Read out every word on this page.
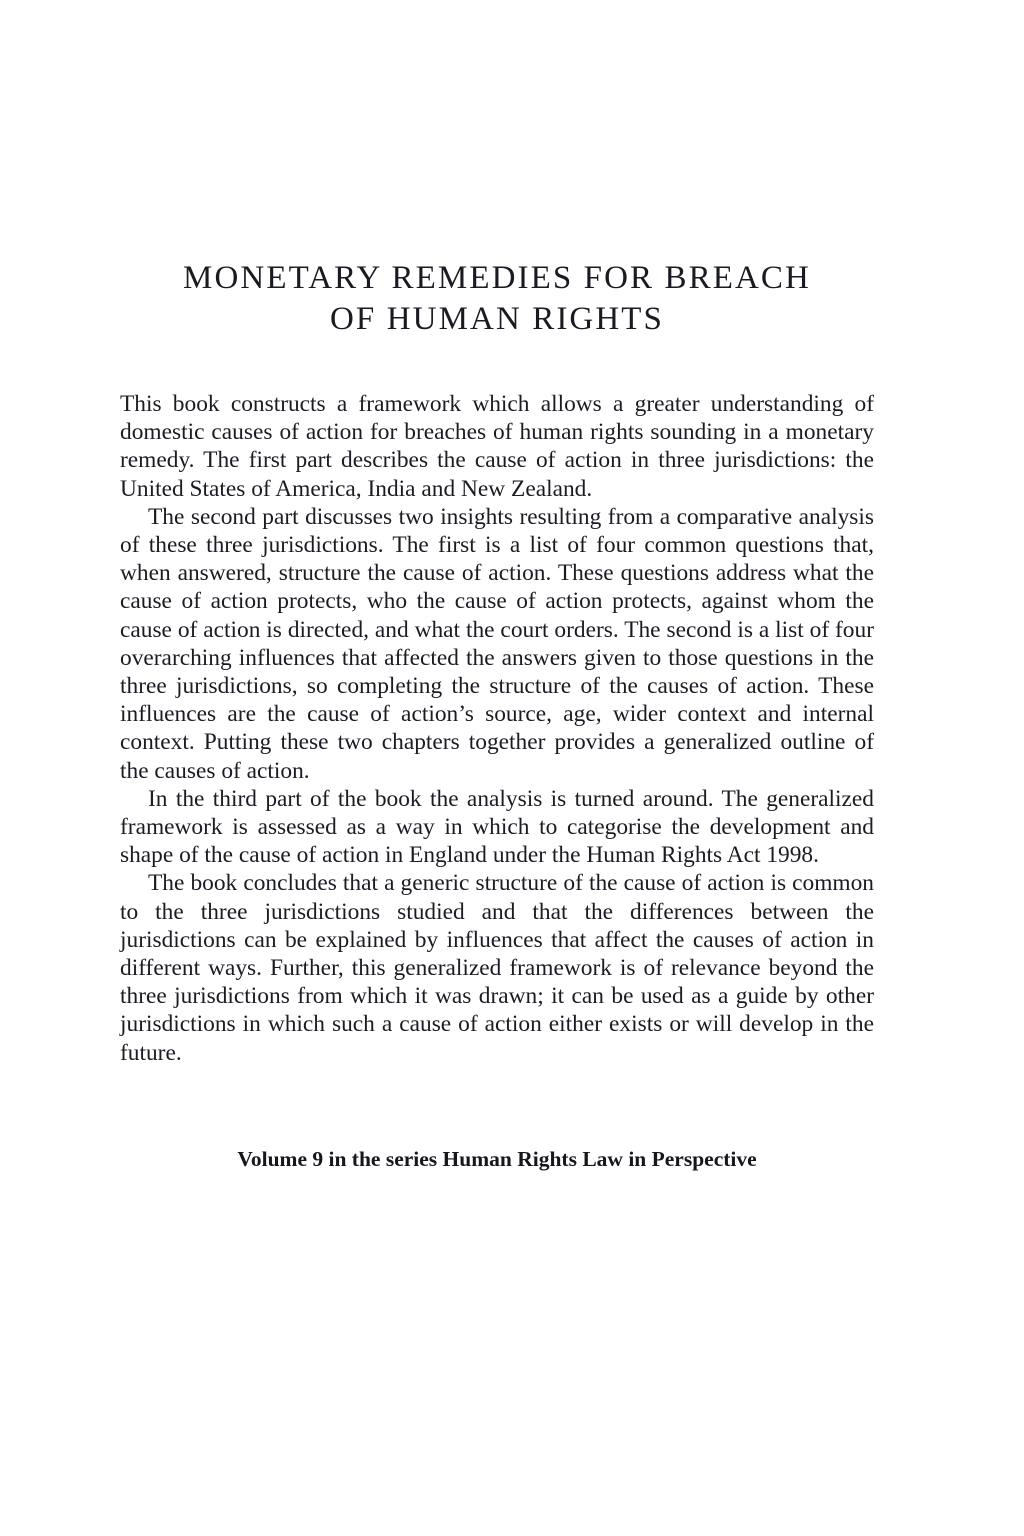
MONETARY REMEDIES FOR BREACH
OF HUMAN RIGHTS

This book constructs a framework which allows a greater understanding of domestic causes of action for breaches of human rights sounding in a monetary remedy. The first part describes the cause of action in three jurisdictions: the United States of America, India and New Zealand.

The second part discusses two insights resulting from a comparative analysis of these three jurisdictions. The first is a list of four common questions that, when answered, structure the cause of action. These questions address what the cause of action protects, who the cause of action protects, against whom the cause of action is directed, and what the court orders. The second is a list of four overarching influences that affected the answers given to those questions in the three jurisdictions, so completing the structure of the causes of action. These influences are the cause of action’s source, age, wider context and internal context. Putting these two chapters together provides a generalized outline of the causes of action.

In the third part of the book the analysis is turned around. The generalized framework is assessed as a way in which to categorise the development and shape of the cause of action in England under the Human Rights Act 1998.

The book concludes that a generic structure of the cause of action is common to the three jurisdictions studied and that the differences between the jurisdictions can be explained by influences that affect the causes of action in different ways. Further, this generalized framework is of relevance beyond the three jurisdictions from which it was drawn; it can be used as a guide by other jurisdictions in which such a cause of action either exists or will develop in the future.

Volume 9 in the series Human Rights Law in Perspective
